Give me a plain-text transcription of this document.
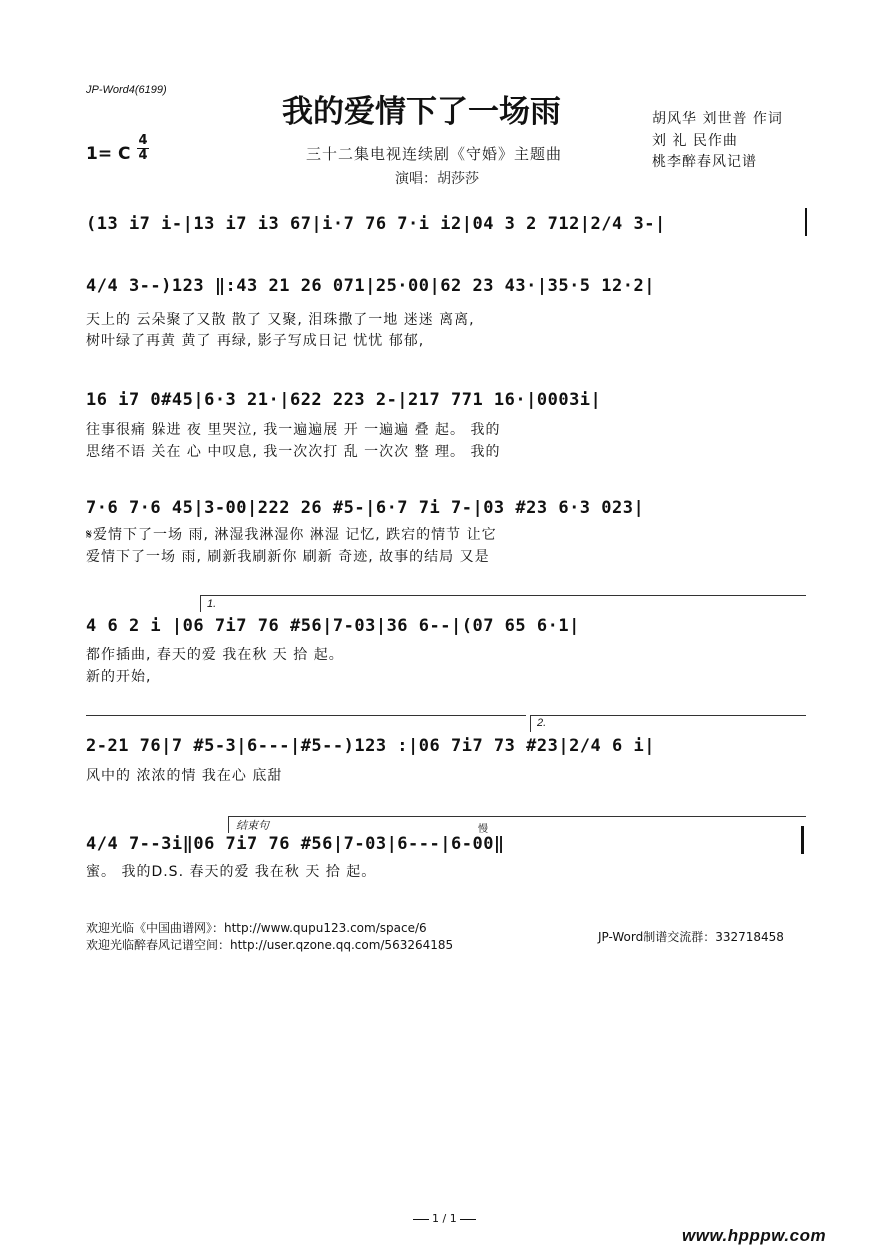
JP-Word4(6199)
我的爱情下了一场雨
三十二集电视连续剧《守婚》主题曲
演唱：胡莎莎
胡风华 刘世普 作词
刘 礼 民作曲
桃李醉春风记谱
1= C
4
4
(13 i7 i-|13 i7 i3 67|i·7 76 7·i i2|04 3 2 712|2/4 3-|
4/4 3--)123 ‖:43 21 26 071|25·00|62 23 43·|35·5 12·2|
天上的 云朵聚了又散 散了 又聚, 泪珠撒了一地 迷迷 离离,
树叶绿了再黄 黄了 再绿, 影子写成日记 忧忧 郁郁,
16 i7 0#45|6·3 21·|622 223 2-|217 771 16·|0003i|
往事很痛 躲进 夜 里哭泣, 我一遍遍展 开 一遍遍 叠 起。 我的
思绪不语 关在 心 中叹息, 我一次次打 乱 一次次 整 理。 我的
7·6 7·6 45|3-00|222 26 #5-|6·7 7i 7-|03 #23 6·3 023|
𝄋爱情下了一场 雨, 淋湿我淋湿你 淋湿 记忆, 跌宕的情节 让它
爱情下了一场 雨, 刷新我刷新你 刷新 奇迹, 故事的结局 又是
1.
4 6 2 i |06 7i7 76 #56|7-03|36 6--|(07 65 6·1|
都作插曲, 春天的爱 我在秋 天 拾 起。
新的开始,
2.
2-21 76|7 #5-3|6---|#5--)123 :|06 7i7 73 #23|2/4 6 i|
风中的 浓浓的情 我在心 底甜
结束句	慢
4/4 7--3i‖06 7i7 76 #56|7-03|6---|6-00‖
蜜。 我的D.S. 春天的爱 我在秋 天 拾 起。
欢迎光临《中国曲谱网》：http://www.qupu123.com/space/6
欢迎光临醉春风记谱空间：http://user.qzone.qq.com/563264185
JP-Word制谱交流群：332718458
1 / 1
www.hpppw.com
